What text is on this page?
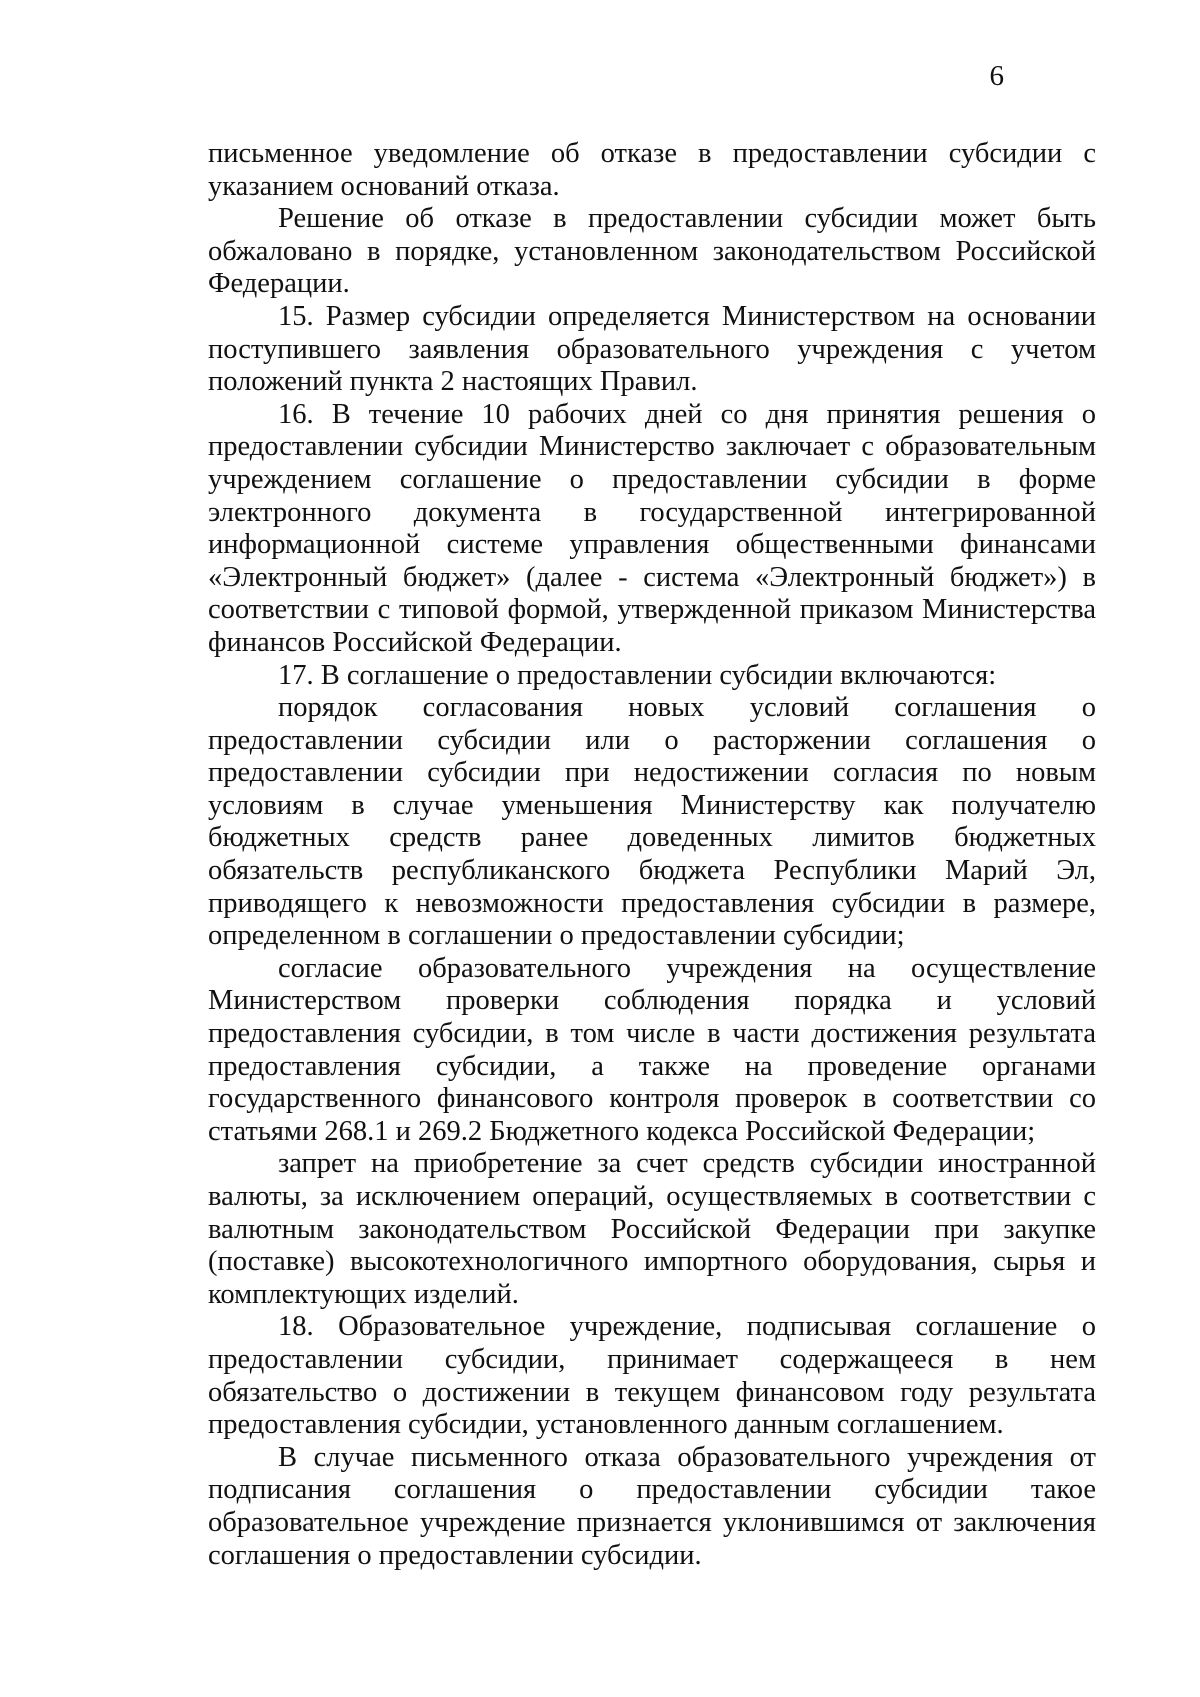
6

письменное уведомление об отказе в предоставлении субсидии с указанием оснований отказа.

Решение об отказе в предоставлении субсидии может быть обжаловано в порядке, установленном законодательством Российской Федерации.

15. Размер субсидии определяется Министерством на основании поступившего заявления образовательного учреждения с учетом положений пункта 2 настоящих Правил.

16. В течение 10 рабочих дней со дня принятия решения о предоставлении субсидии Министерство заключает с образовательным учреждением соглашение о предоставлении субсидии в форме электронного документа в государственной интегрированной информационной системе управления общественными финансами «Электронный бюджет» (далее - система «Электронный бюджет») в соответствии с типовой формой, утвержденной приказом Министерства финансов Российской Федерации.

17. В соглашение о предоставлении субсидии включаются:

порядок согласования новых условий соглашения о предоставлении субсидии или о расторжении соглашения о предоставлении субсидии при недостижении согласия по новым условиям в случае уменьшения Министерству как получателю бюджетных средств ранее доведенных лимитов бюджетных обязательств республиканского бюджета Республики Марий Эл, приводящего к невозможности предоставления субсидии в размере, определенном в соглашении о предоставлении субсидии;

согласие образовательного учреждения на осуществление Министерством проверки соблюдения порядка и условий предоставления субсидии, в том числе в части достижения результата предоставления субсидии, а также на проведение органами государственного финансового контроля проверок в соответствии со статьями 268.1 и 269.2 Бюджетного кодекса Российской Федерации;

запрет на приобретение за счет средств субсидии иностранной валюты, за исключением операций, осуществляемых в соответствии с валютным законодательством Российской Федерации при закупке (поставке) высокотехнологичного импортного оборудования, сырья и комплектующих изделий.

18. Образовательное учреждение, подписывая соглашение о предоставлении субсидии, принимает содержащееся в нем обязательство о достижении в текущем финансовом году результата предоставления субсидии, установленного данным соглашением.

В случае письменного отказа образовательного учреждения от подписания соглашения о предоставлении субсидии такое образовательное учреждение признается уклонившимся от заключения соглашения о предоставлении субсидии.
